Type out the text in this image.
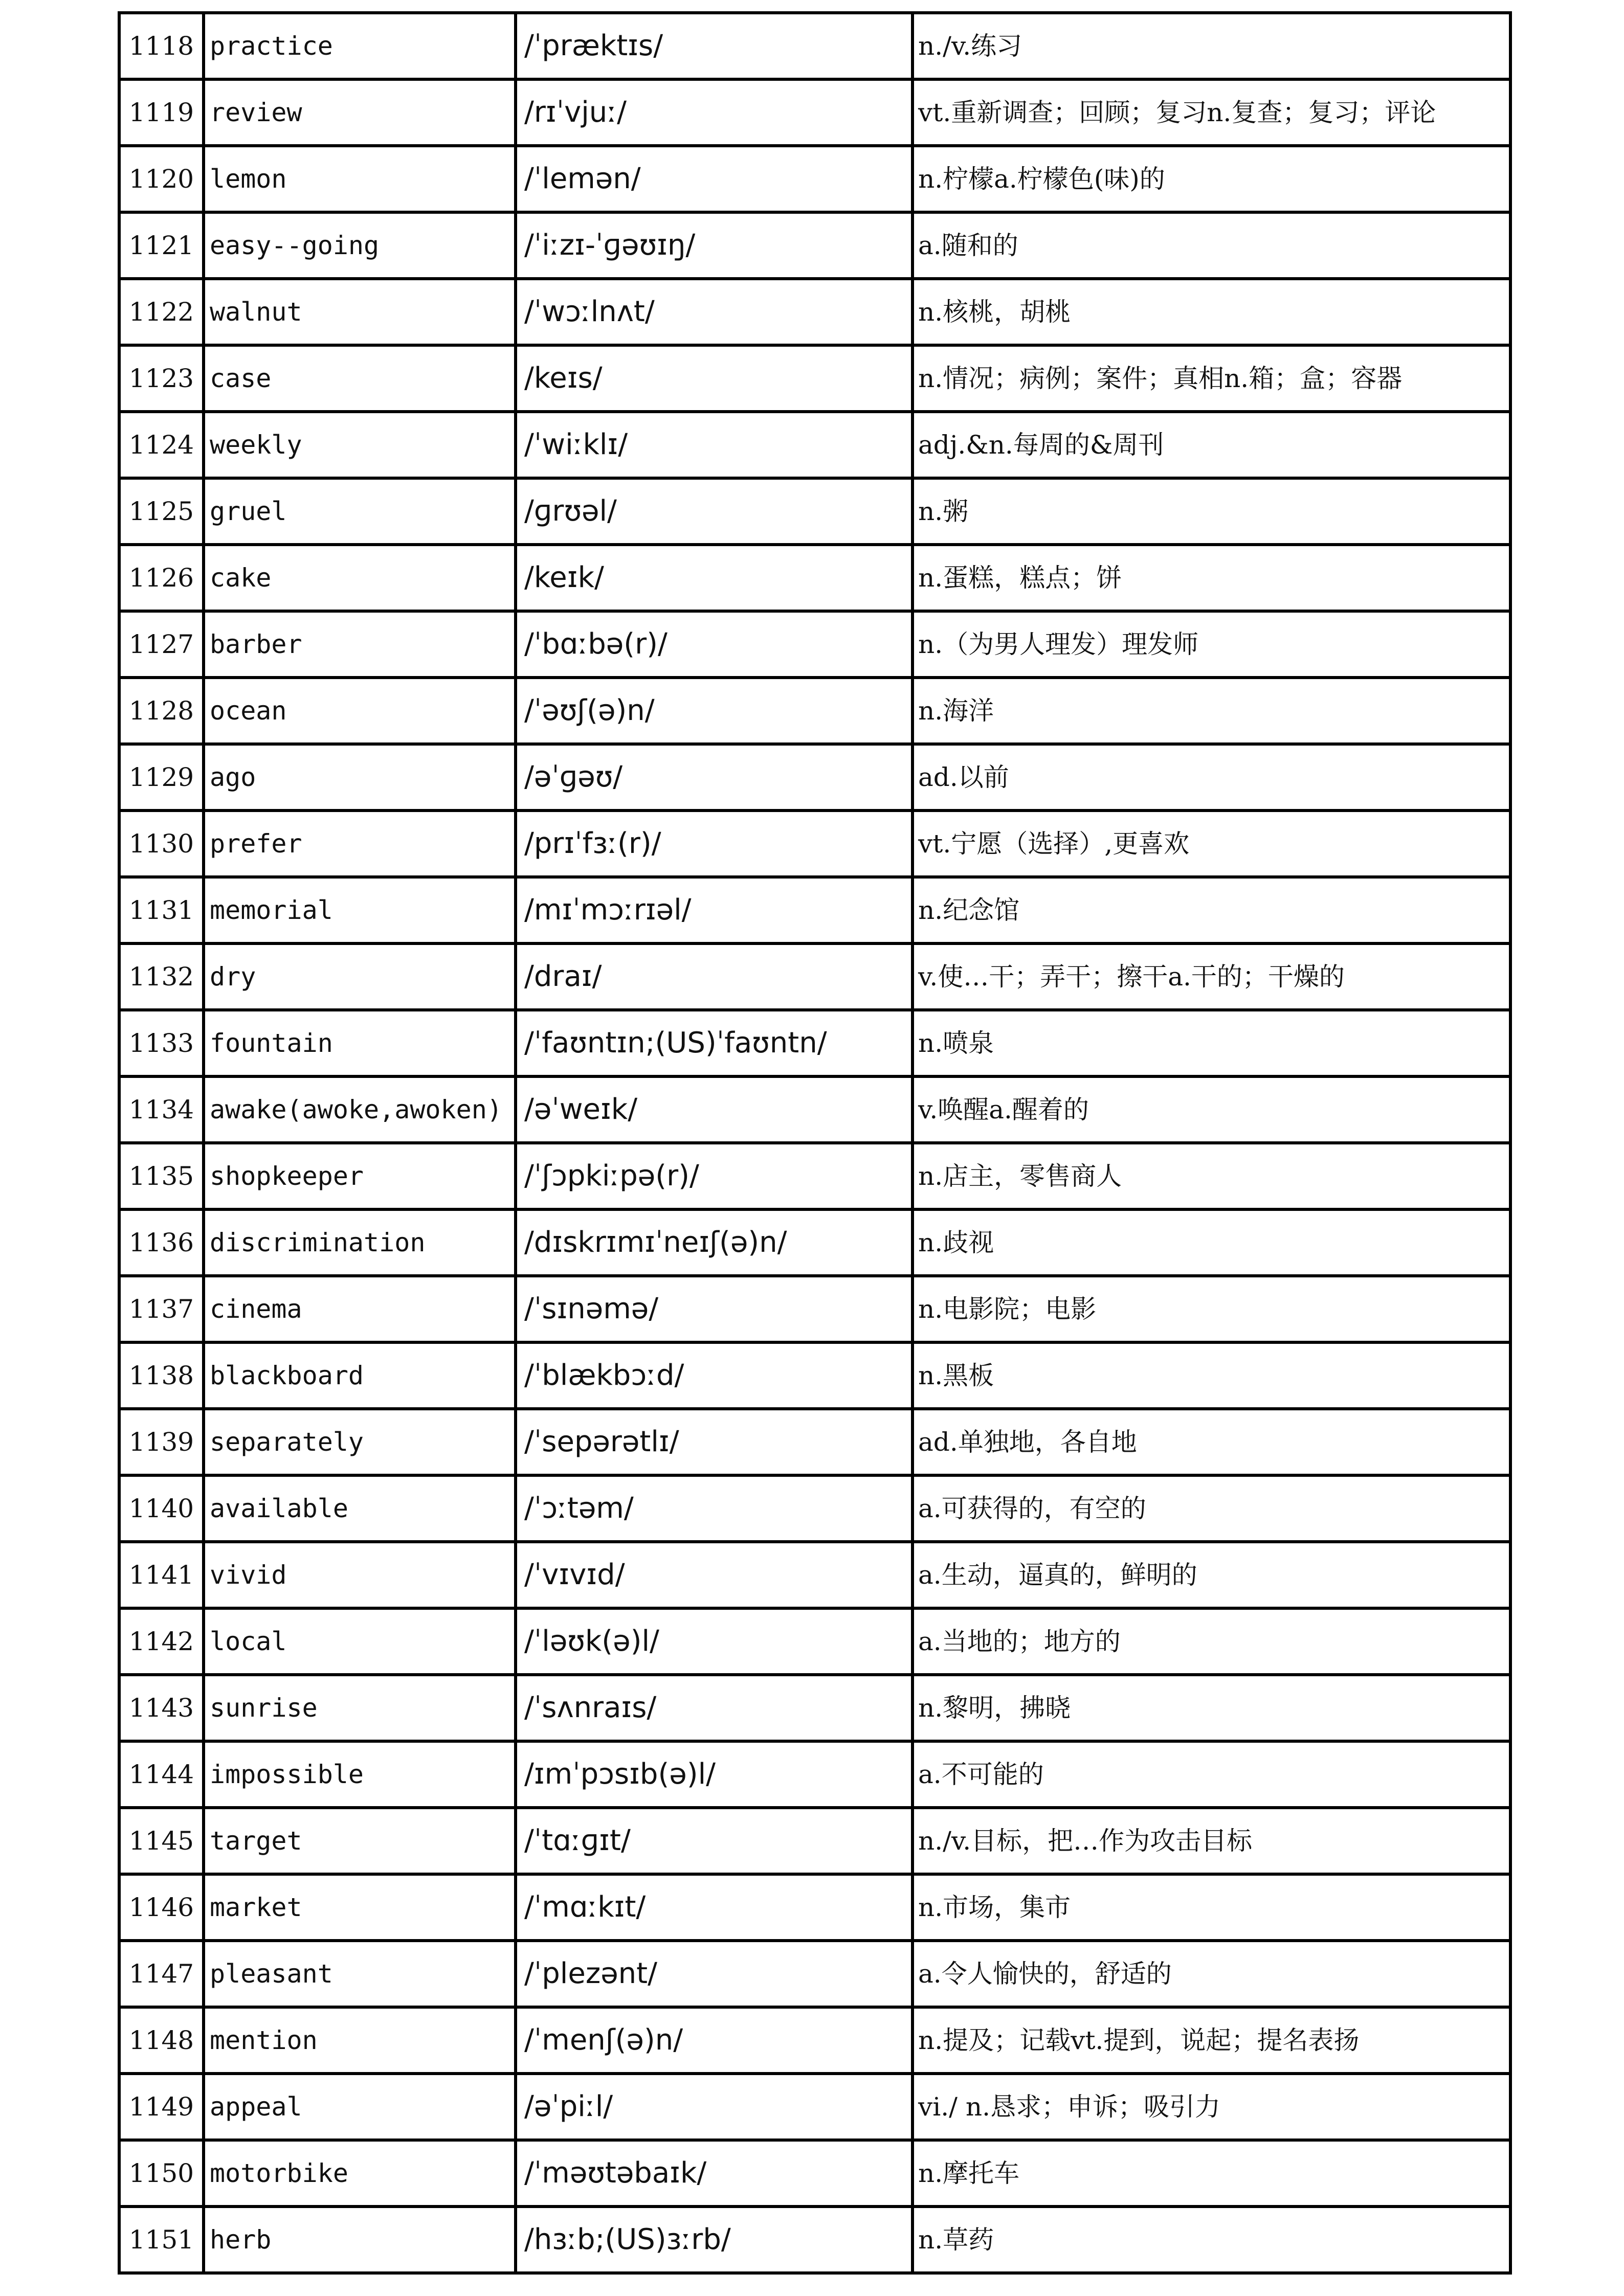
1118	practice	/ˈpræktɪs/	n./v.练习
1119	review	/rɪˈvjuː/	vt.重新调查；回顾；复习n.复查；复习；评论
1120	lemon	/ˈlemən/	n.柠檬a.柠檬色(味)的
1121	easy--going	/ˈiːzɪ-ˈɡəʊɪŋ/	a.随和的
1122	walnut	/ˈwɔːlnʌt/	n.核桃，胡桃
1123	case	/keɪs/	n.情况；病例；案件；真相n.箱；盒；容器
1124	weekly	/ˈwiːklɪ/	adj.&n.每周的&周刊
1125	gruel	/ɡrʊəl/	n.粥
1126	cake	/keɪk/	n.蛋糕，糕点；饼
1127	barber	/ˈbɑːbə(r)/	n.（为男人理发）理发师
1128	ocean	/ˈəʊʃ(ə)n/	n.海洋
1129	ago	/əˈɡəʊ/	ad.以前
1130	prefer	/prɪˈfɜː(r)/	vt.宁愿（选择）,更喜欢
1131	memorial	/mɪˈmɔːrɪəl/	n.纪念馆
1132	dry	/draɪ/	v.使…干；弄干；擦干a.干的；干燥的
1133	fountain	/ˈfaʊntɪn;(US)ˈfaʊntn/	n.喷泉
1134	awake(awoke,awoken)	/əˈweɪk/	v.唤醒a.醒着的
1135	shopkeeper	/ˈʃɔpkiːpə(r)/	n.店主，零售商人
1136	discrimination	/dɪskrɪmɪˈneɪʃ(ə)n/	n.歧视
1137	cinema	/ˈsɪnəmə/	n.电影院；电影
1138	blackboard	/ˈblækbɔːd/	n.黑板
1139	separately	/ˈsepərətlɪ/	ad.单独地，各自地
1140	available	/ˈɔːtəm/	a.可获得的，有空的
1141	vivid	/ˈvɪvɪd/	a.生动，逼真的，鲜明的
1142	local	/ˈləʊk(ə)l/	a.当地的；地方的
1143	sunrise	/ˈsʌnraɪs/	n.黎明，拂晓
1144	impossible	/ɪmˈpɔsɪb(ə)l/	a.不可能的
1145	target	/ˈtɑːɡɪt/	n./v.目标，把…作为攻击目标
1146	market	/ˈmɑːkɪt/	n.市场，集市
1147	pleasant	/ˈplezənt/	a.令人愉快的，舒适的
1148	mention	/ˈmenʃ(ə)n/	n.提及；记载vt.提到，说起；提名表扬
1149	appeal	/əˈpiːl/	vi./ n.恳求；申诉；吸引力
1150	motorbike	/ˈməʊtəbaɪk/	n.摩托车
1151	herb	/hɜːb;(US)ɜːrb/	n.草药
